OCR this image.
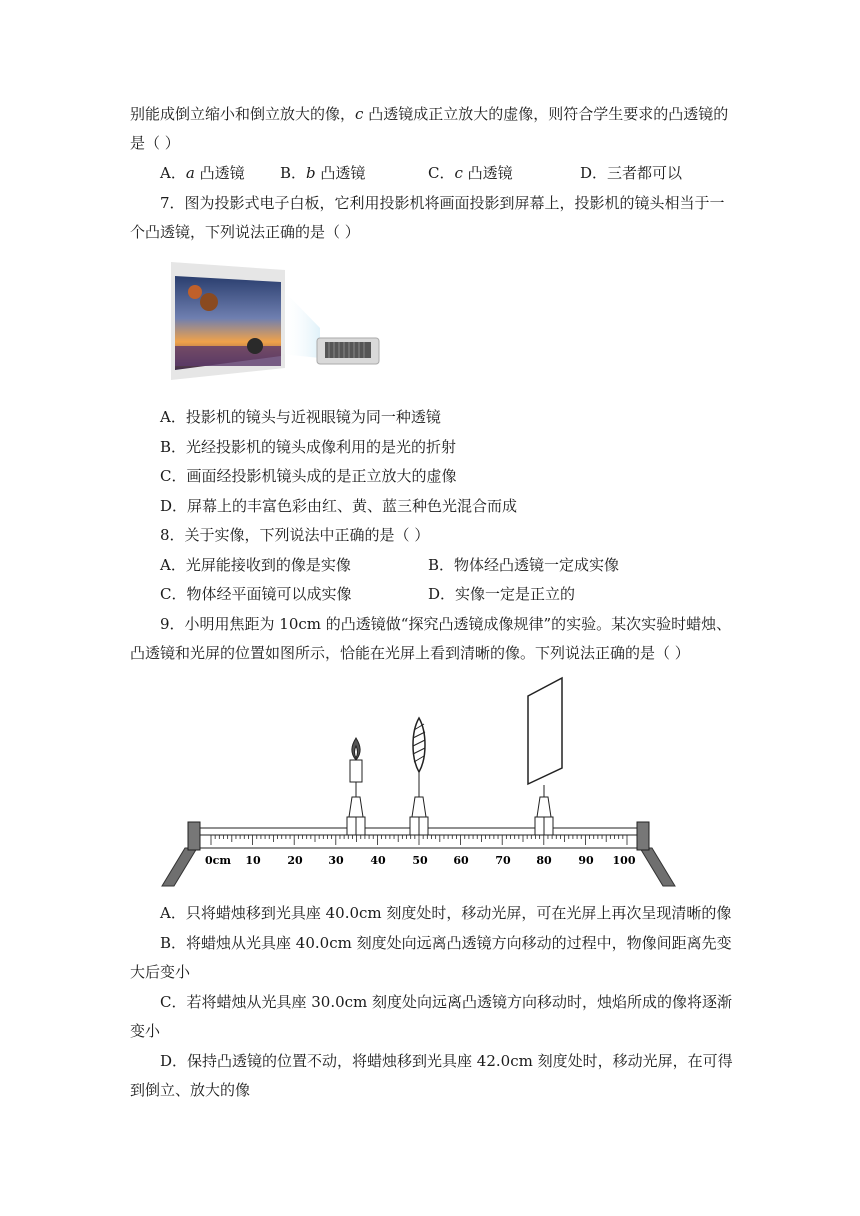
别能成倒立缩小和倒立放大的像，c 凸透镜成正立放大的虚像，则符合学生要求的凸透镜的
是（ ）
A．a 凸透镜 B．b 凸透镜	C．c 凸透镜	D．三者都可以
7．图为投影式电子白板，它利用投影机将画面投影到屏幕上，投影机的镜头相当于一
个凸透镜，下列说法正确的是（ ）
A．投影机的镜头与近视眼镜为同一种透镜
B．光经投影机的镜头成像利用的是光的折射
C．画面经投影机镜头成的是正立放大的虚像
D．屏幕上的丰富色彩由红、黄、蓝三种色光混合而成
8．关于实像，下列说法中正确的是（ ）
A．光屏能接收到的像是实像	B．物体经凸透镜一定成实像
C．物体经平面镜可以成实像	D．实像一定是正立的
9．小明用焦距为 10cm 的凸透镜做“探究凸透镜成像规律”的实验。某次实验时蜡烛、
凸透镜和光屏的位置如图所示，恰能在光屏上看到清晰的像。下列说法正确的是（ ）
0cm 10 20 30 40 50 60 70 80 90 100
A．只将蜡烛移到光具座 40.0cm 刻度处时，移动光屏，可在光屏上再次呈现清晰的像
B．将蜡烛从光具座 40.0cm 刻度处向远离凸透镜方向移动的过程中，物像间距离先变
大后变小
C．若将蜡烛从光具座 30.0cm 刻度处向远离凸透镜方向移动时，烛焰所成的像将逐渐
变小
D．保持凸透镜的位置不动，将蜡烛移到光具座 42.0cm 刻度处时，移动光屏，在可得
到倒立、放大的像
